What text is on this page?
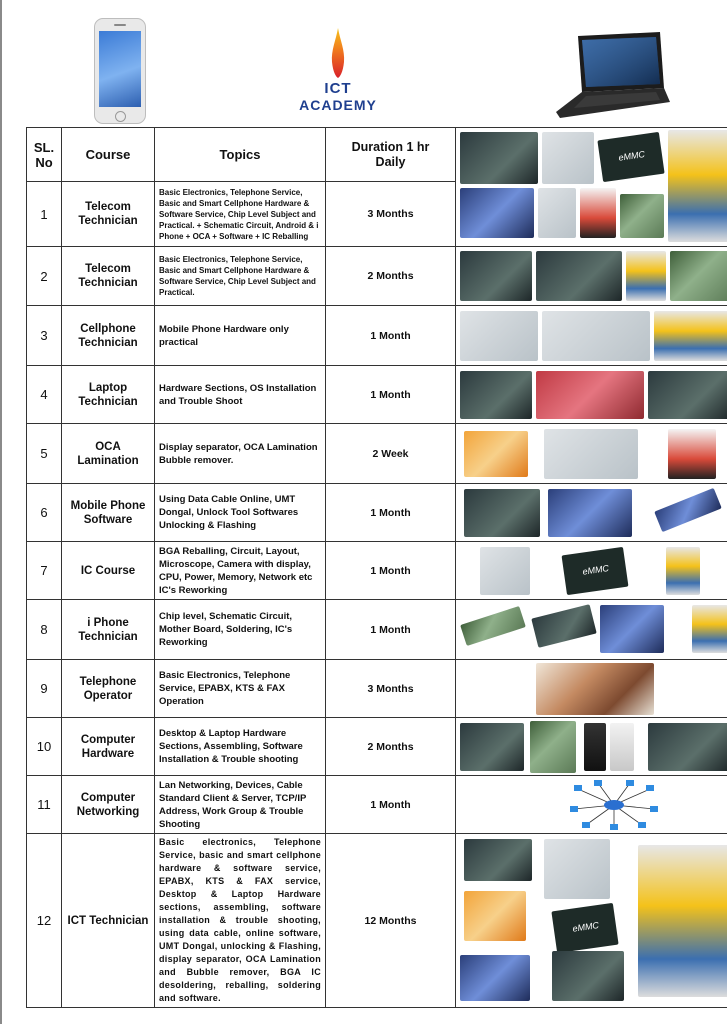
ICT
ACADEMY
SL. No	Course	Topics	Duration 1 hr Daily	eMMC

1	Telecom Technician	Basic Electronics, Telephone Service, Basic and Smart Cellphone Hardware & Software Service, Chip Level Subject and Practical. + Schematic Circuit, Android & i Phone + OCA + Software + IC Reballing	3 Months	
2	Telecom Technician	Basic Electronics, Telephone Service, Basic and Smart Cellphone Hardware & Software Service, Chip Level Subject and Practical.	2 Months	

3	Cellphone Technician	Mobile Phone Hardware only practical	1 Month	

4	Laptop Technician	Hardware Sections, OS Installation and Trouble Shoot	1 Month	

5	OCA Lamination	Display separator, OCA Lamination Bubble remover.	2 Week	

6	Mobile Phone Software	Using Data Cable Online, UMT Dongal, Unlock Tool Softwares Unlocking & Flashing	1 Month	

7	IC Course	BGA Reballing, Circuit, Layout, Microscope, Camera with display, CPU, Power, Memory, Network etc IC's Reworking	1 Month	eMMC

8	i Phone Technician	Chip level, Schematic Circuit, Mother Board, Soldering, IC's Reworking	1 Month	

9	Telephone Operator	Basic Electronics, Telephone Service, EPABX, KTS & FAX Operation	3 Months	

10	Computer Hardware	Desktop & Laptop Hardware Sections, Assembling, Software Installation & Trouble shooting	2 Months	

11	Computer Networking	Lan Networking, Devices, Cable Standard Client & Server, TCP/IP Address, Work Group & Trouble Shooting	1 Month	

12	ICT Technician	Basic electronics, Telephone Service, basic and smart cellphone hardware & software service, EPABX, KTS & FAX service, Desktop & Laptop Hardware sections, assembling, software installation & trouble shooting, using data cable, online software, UMT Dongal, unlocking & Flashing, display separator, OCA Lamination and Bubble remover, BGA IC desoldering, reballing, soldering and software.	12 Months	eMMC
